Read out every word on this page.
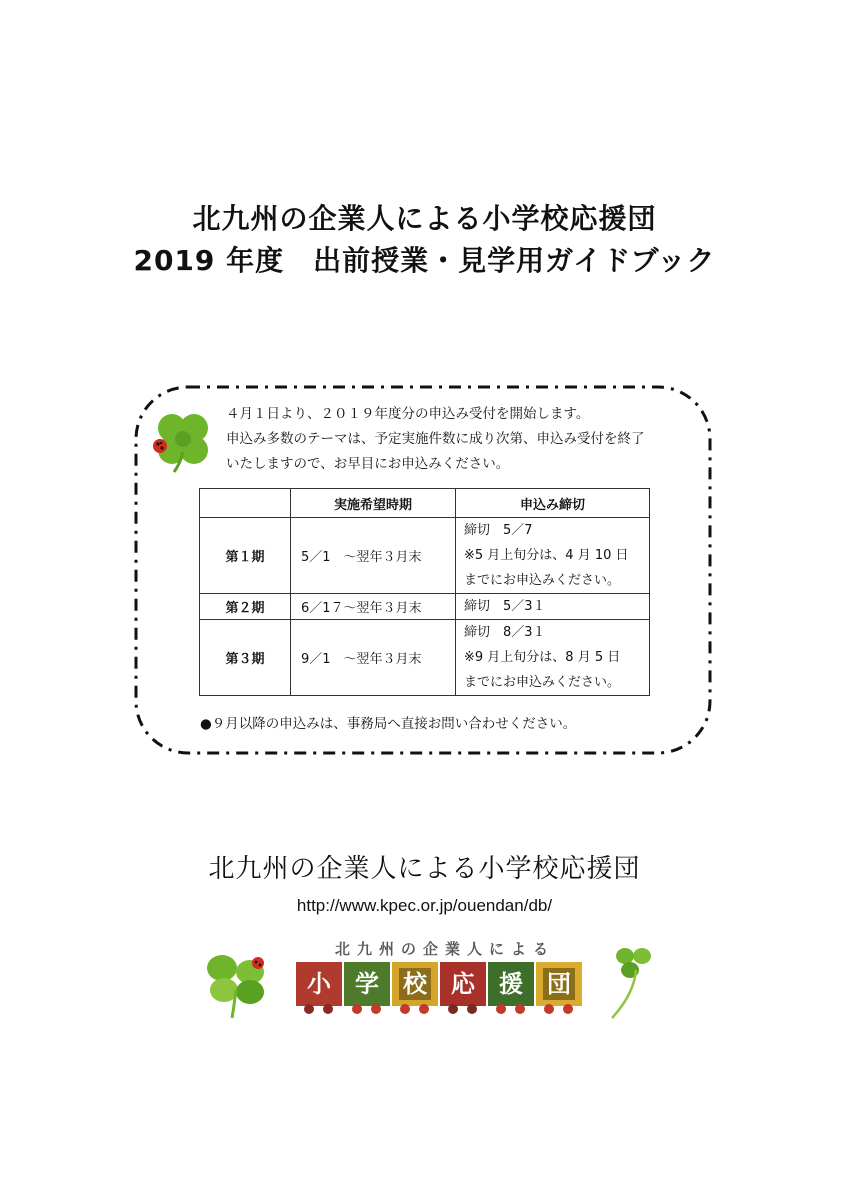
北九州の企業人による小学校応援団

2019 年度　出前授業・見学用ガイドブック

４月１日より、２０１９年度分の申込み受付を開始します。

申込み多数のテーマは、予定実施件数に成り次第、申込み受付を終了

いたしますので、お早目にお申込みください。

	実施希望時期	申込み締切
第１期	5／1　～翌年３月末	締切　5／7
※5 月上旬分は、4 月 10 日
までにお申込みください。

第２期	6／1７～翌年３月末	締切　5／3１

第３期	9／1　～翌年３月末	締切　8／3１
※9 月上旬分は、8 月 5 日
までにお申込みください。
●９月以降の申込みは、事務局へ直接お問い合わせください。
北九州の企業人による小学校応援団
http://www.kpec.or.jp/ouendan/db/
北九州の企業人による
小 学 校 応 援 団
